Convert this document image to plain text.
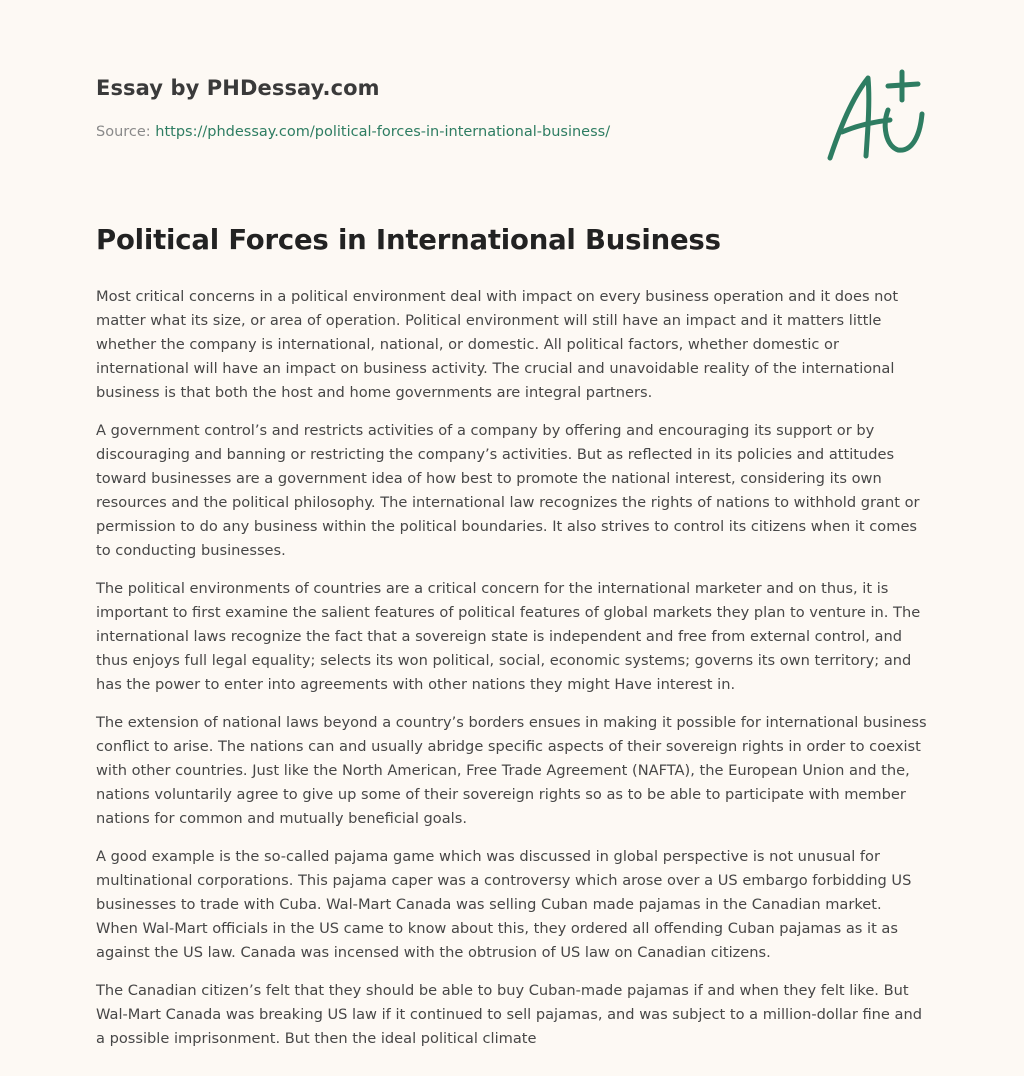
Essay by PHDessay.com

Source: https://phdessay.com/political-forces-in-international-business/

Political Forces in International Business

Most critical concerns in a political environment deal with impact on every business operation and it does not matter what its size, or area of operation. Political environment will still have an impact and it matters little whether the company is international, national, or domestic. All political factors, whether domestic or international will have an impact on business activity. The crucial and unavoidable reality of the international business is that both the host and home governments are integral partners.

A government control’s and restricts activities of a company by offering and encouraging its support or by discouraging and banning or restricting the company’s activities. But as reflected in its policies and attitudes toward businesses are a government idea of how best to promote the national interest, considering its own resources and the political philosophy. The international law recognizes the rights of nations to withhold grant or permission to do any business within the political boundaries. It also strives to control its citizens when it comes to conducting businesses.

The political environments of countries are a critical concern for the international marketer and on thus, it is important to first examine the salient features of political features of global markets they plan to venture in. The international laws recognize the fact that a sovereign state is independent and free from external control, and thus enjoys full legal equality; selects its won political, social, economic systems; governs its own territory; and has the power to enter into agreements with other nations they might Have interest in.

The extension of national laws beyond a country’s borders ensues in making it possible for international business conflict to arise. The nations can and usually abridge specific aspects of their sovereign rights in order to coexist with other countries. Just like the North American, Free Trade Agreement (NAFTA), the European Union and the, nations voluntarily agree to give up some of their sovereign rights so as to be able to participate with member nations for common and mutually beneficial goals.

A good example is the so-called pajama game which was discussed in global perspective is not unusual for multinational corporations. This pajama caper was a controversy which arose over a US embargo forbidding US businesses to trade with Cuba. Wal-Mart Canada was selling Cuban made pajamas in the Canadian market. When Wal-Mart officials in the US came to know about this, they ordered all offending Cuban pajamas as it as against the US law. Canada was incensed with the obtrusion of US law on Canadian citizens.

The Canadian citizen’s felt that they should be able to buy Cuban-made pajamas if and when they felt like. But Wal-Mart Canada was breaking US law if it continued to sell pajamas, and was subject to a million-dollar fine and a possible imprisonment. But then the ideal political climate
